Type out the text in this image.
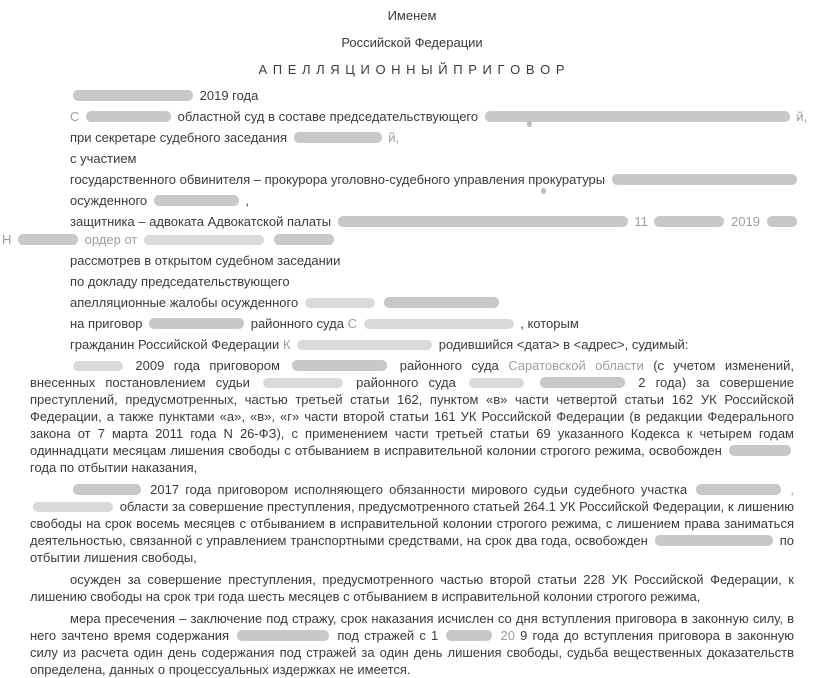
Именем

Российской Федерации

А П Е Л Л Я Ц И О Н Н Ы Й П Р И Г О В О Р

2019 года

С	областной суд в составе председательствующего	й,

при секретаре судебного заседания	й,

с участием

государственного обвинителя – прокурора уголовно-судебного управления прокуратуры

осужденного	,

защитника – адвоката Адвокатской палаты	11	2019

Н	ордер от

рассмотрев в открытом судебном заседании

по докладу председательствующего

апелляционные жалобы осужденного

на приговор	районного суда С	, которым

гражданин Российской Федерации К	родившийся <дата> в <адрес>, судимый:

2009 года приговором	районного суда Саратовской области (с учетом изменений, внесенных постановлением судьи	районного суда	2 года) за совершение преступлений, предусмотренных, частью третьей статьи 162, пунктом «в» части четвертой статьи 162 УК Российской Федерации, а также пунктами «а», «в», «г» части второй статьи 161 УК Российской Федерации (в редакции Федерального закона от 7 марта 2011 года N 26-ФЗ), с применением части третьей статьи 69 указанного Кодекса к четырем годам одиннадцати месяцам лишения свободы с отбыванием в исправительной колонии строгого режима, освобожден  года по отбытии наказания,

2017 года приговором исполняющего обязанности мирового судьи судебного участка	,  области за совершение преступления, предусмотренного статьей 264.1 УК Российской Федерации, к лишению свободы на срок восемь месяцев с отбыванием в исправительной колонии строгого режима, с лишением права заниматься деятельностью, связанной с управлением транспортными средствами, на срок два года, освобожден	по отбытии лишения свободы,

осужден за совершение преступления, предусмотренного частью второй статьи 228 УК Российской Федерации, к лишению свободы на срок три года шесть месяцев с отбыванием в исправительной колонии строгого режима,

мера пресечения – заключение под стражу, срок наказания исчислен со дня вступления приговора в законную силу, в него зачтено время содержания	под стражей с 1	20 9 года до вступления приговора в законную силу из расчета один день содержания под стражей за один день лишения свободы, судьба вещественных доказательств определена, данных о процессуальных издержках не имеется.
